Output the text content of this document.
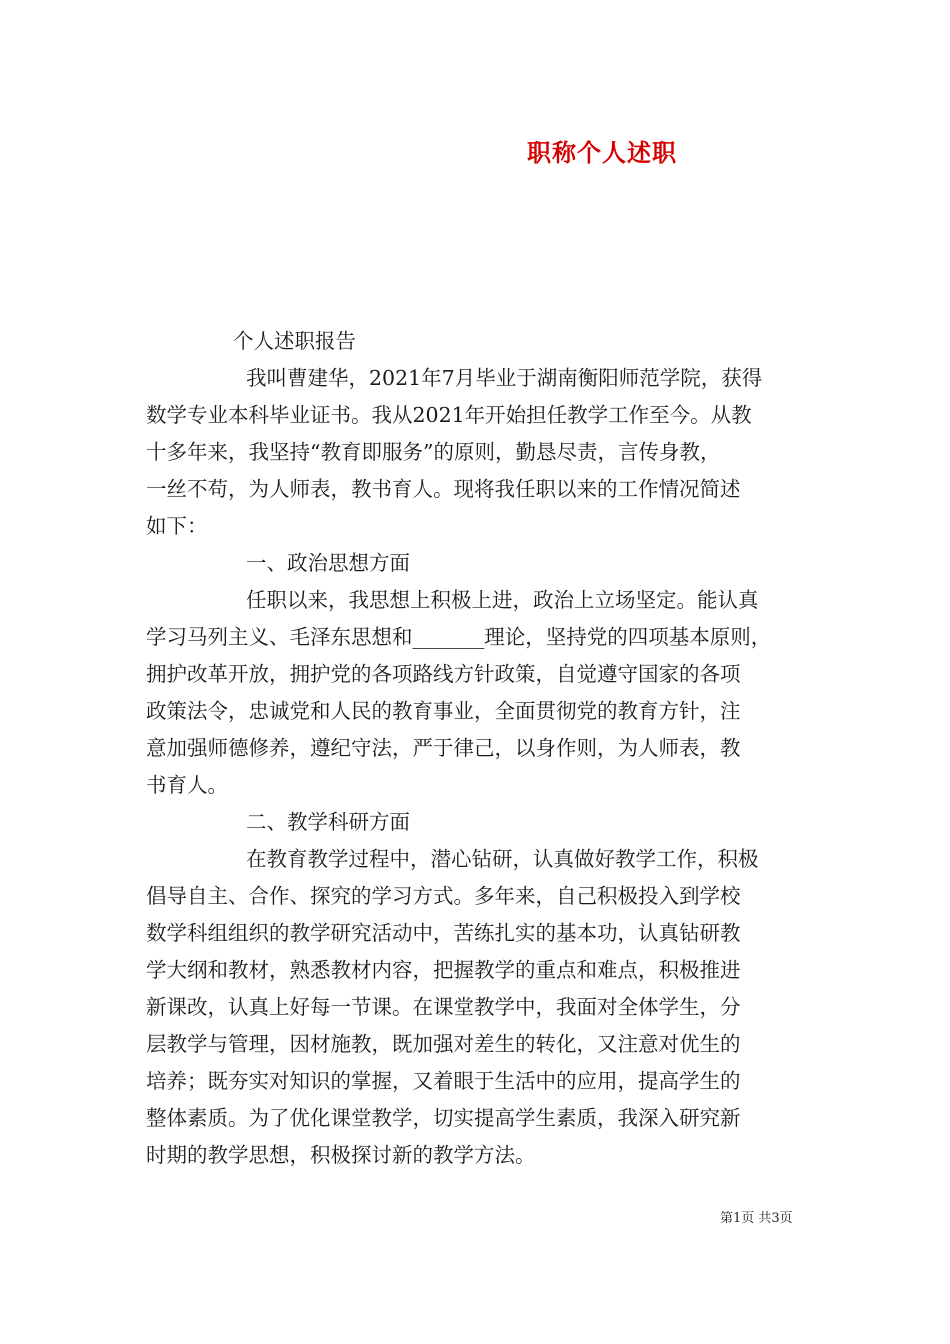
职称个人述职

个人述职报告

我叫曹建华，2021年7月毕业于湖南衡阳师范学院，获得

数学专业本科毕业证书。我从2021年开始担任教学工作至今。从教

十多年来，我坚持“教育即服务”的原则，勤恳尽责，言传身教，

一丝不苟，为人师表，教书育人。现将我任职以来的工作情况简述

如下：

一、政治思想方面

任职以来，我思想上积极上进，政治上立场坚定。能认真

学习马列主义、毛泽东思想和_______理论，坚持党的四项基本原则，

拥护改革开放，拥护党的各项路线方针政策，自觉遵守国家的各项

政策法令，忠诚党和人民的教育事业，全面贯彻党的教育方针，注

意加强师德修养，遵纪守法，严于律己，以身作则，为人师表，教

书育人。

二、教学科研方面

在教育教学过程中，潜心钻研，认真做好教学工作，积极

倡导自主、合作、探究的学习方式。多年来，自己积极投入到学校

数学科组组织的教学研究活动中，苦练扎实的基本功，认真钻研教

学大纲和教材，熟悉教材内容，把握教学的重点和难点，积极推进

新课改，认真上好每一节课。在课堂教学中，我面对全体学生，分

层教学与管理，因材施教，既加强对差生的转化，又注意对优生的

培养；既夯实对知识的掌握，又着眼于生活中的应用，提高学生的

整体素质。为了优化课堂教学，切实提高学生素质，我深入研究新

时期的教学思想，积极探讨新的教学方法。

第1页 共3页
